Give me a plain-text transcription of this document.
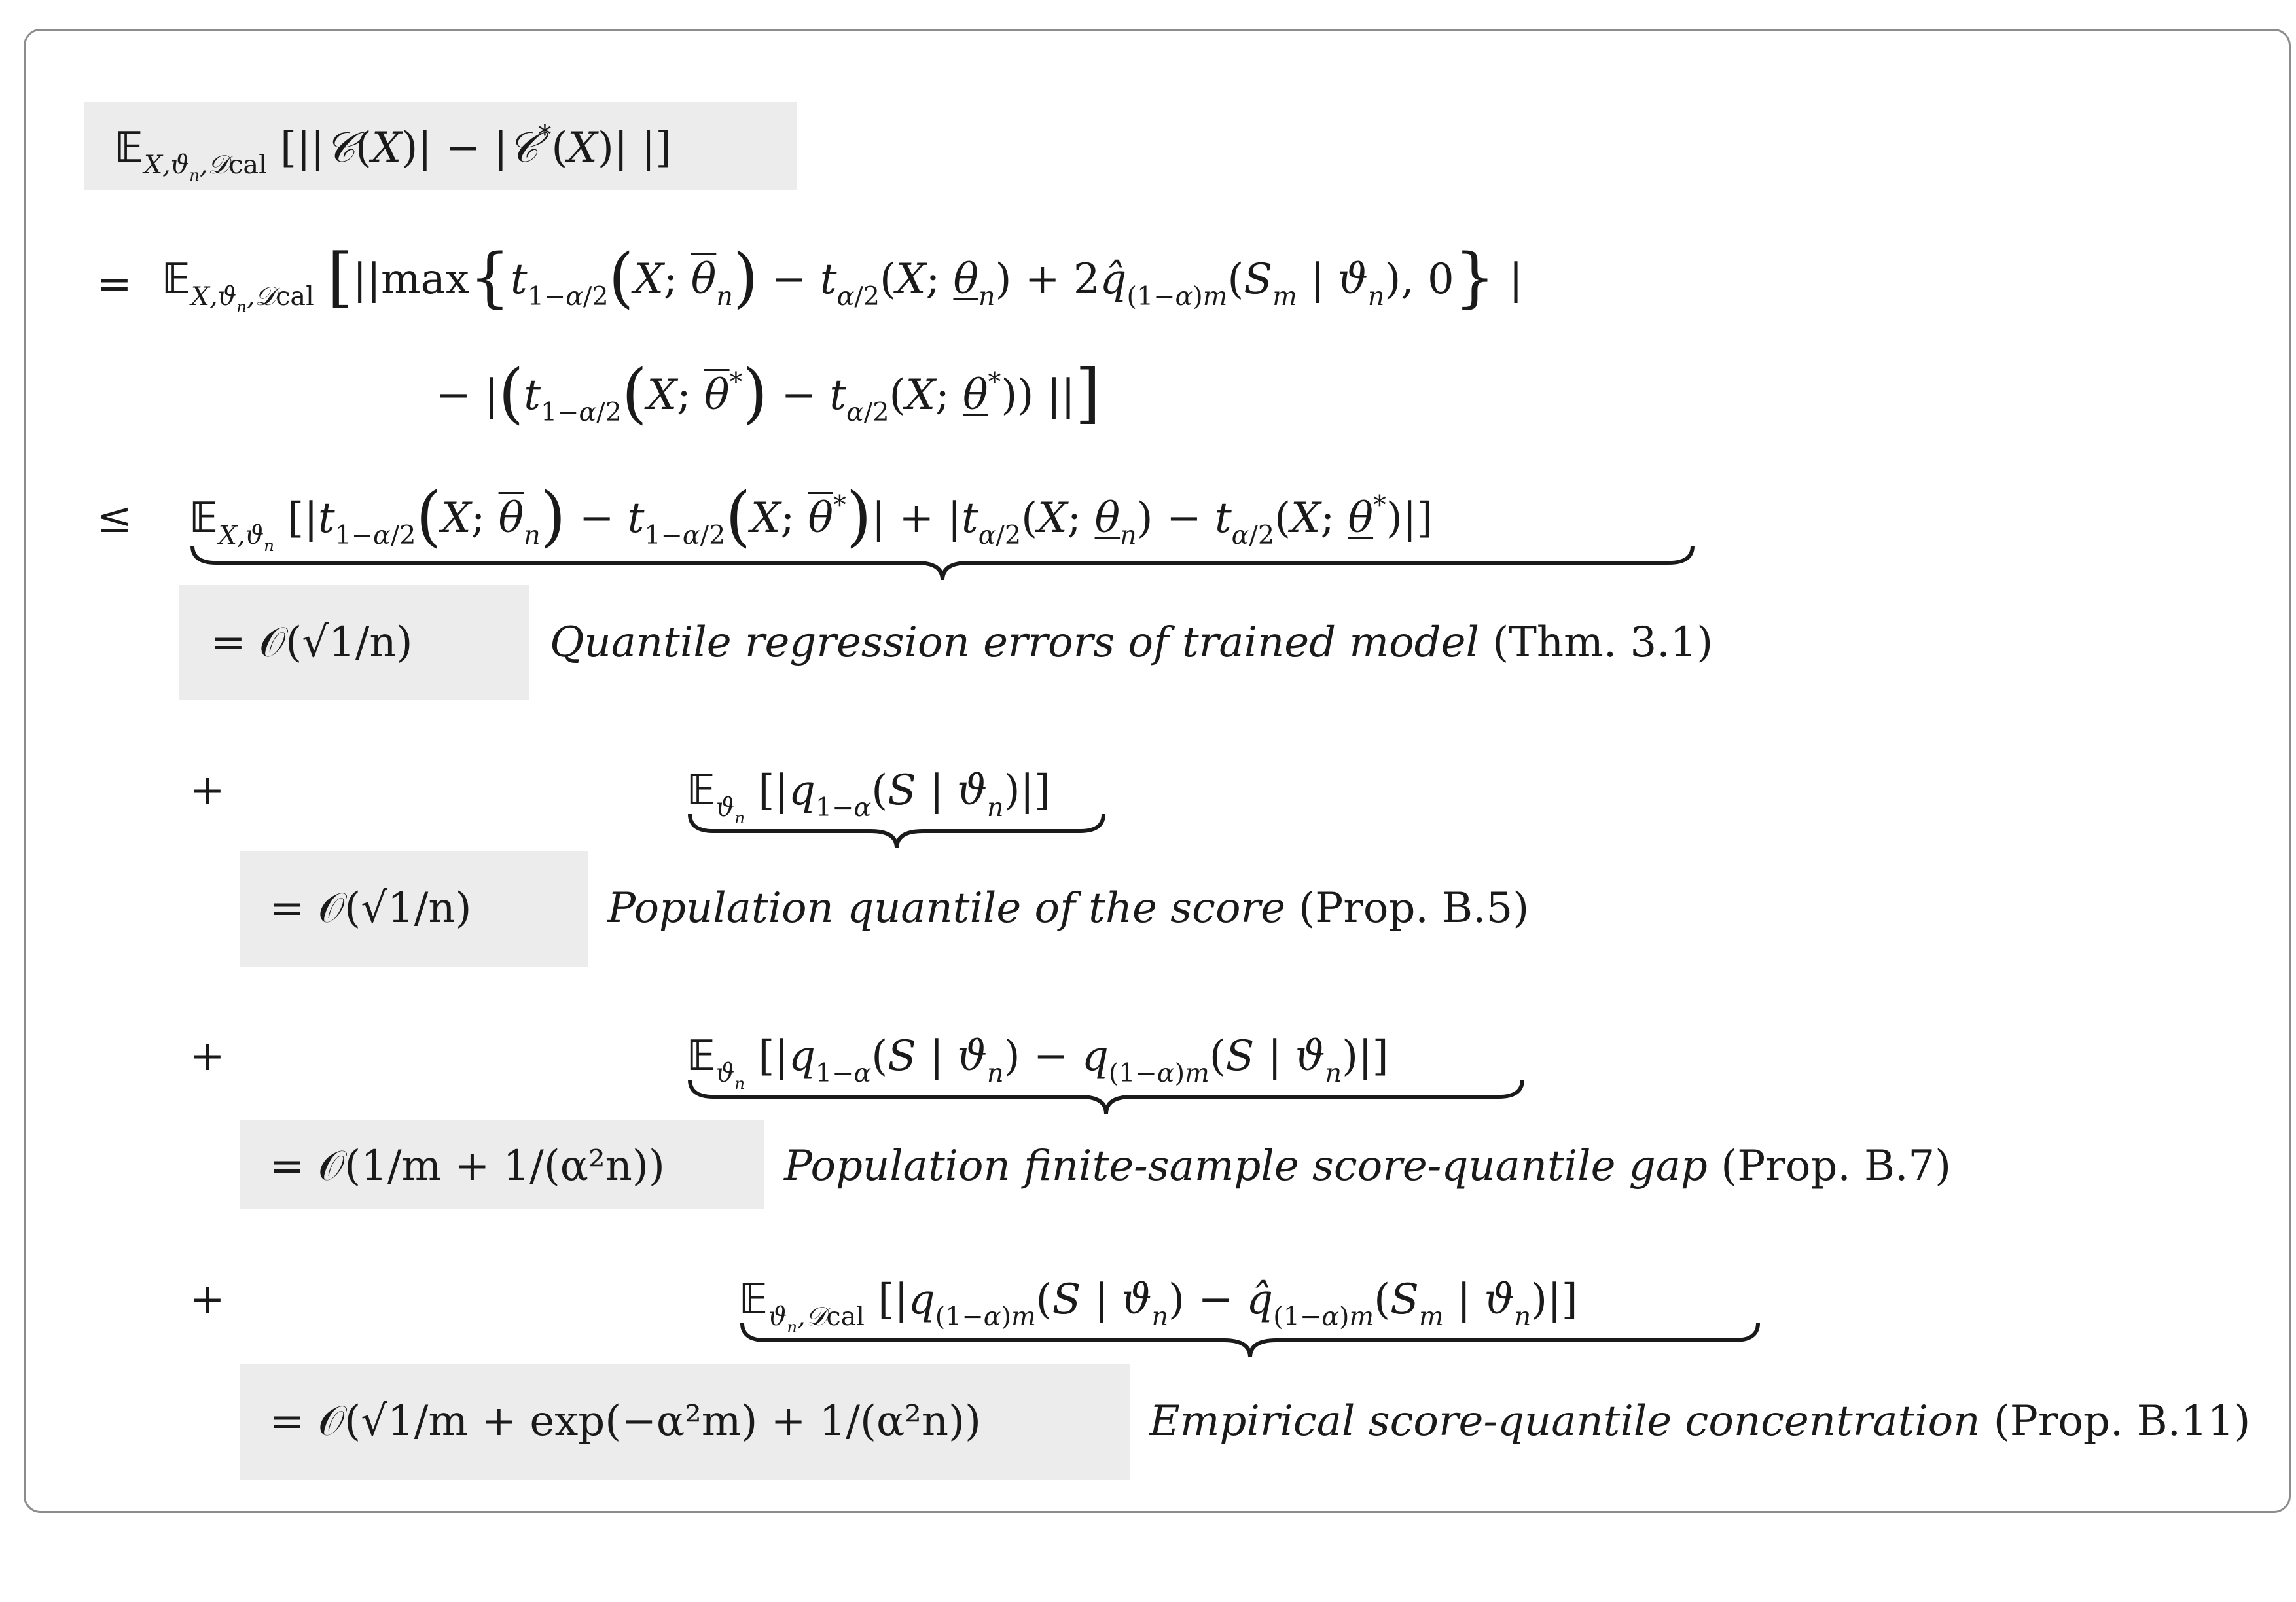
𝔼$_{X,ϑ_n,𝒟cal}$ [||𝒞(X)| − |𝒞*(X)| |]
= 𝔼$_{X,ϑ_n,𝒟cal}$ [$||\max\{t_{1-\alpha/2}(X$; $\overline{\theta}_n) - t_{\alpha/2}(X$; $\theta_n$) + $2q̂_{(1-\alpha)m}(S_m$ | $ϑ_n$), 0} |
− $|(t_{1-\alpha/2}(X$; $\overline{\theta}^*) - t_{\alpha/2}(X$; θ*)) ||]
≤ 𝔼$_{X,ϑ_n}$ [$|t_{1-\alpha/2}(X$; $\overline{\theta}_n) - t_{1-\alpha/2}(X$; $\overline{\theta}^*)| + |t_{\alpha/2}(X$; $\theta_n) - t_{\alpha/2}(X$; θ*)|]
= 𝒪(√1/n)	Quantile regression errors of trained model (Thm. 3.1)
+	𝔼$_{ϑ_n}$ [$|q_{1-\alpha}(S$ | $ϑ_n)|$]
= 𝒪(√1/n)	Population quantile of the score (Prop. B.5)
+	𝔼$_{ϑ_n}$ [$|q_{1-\alpha}(S$ | $ϑ_n) - q_{(1-\alpha)m}(S$ | $ϑ_n)|$]
= 𝒪(1/m + 1/(α²n))	Population finite-sample score-quantile gap (Prop. B.7)
+	𝔼$_{ϑ_n,𝒟cal}$ [$|q_{(1-\alpha)m}(S$ | $ϑ_n$) − $q̂_{(1-\alpha)m}(S_m$ | $ϑ_n)|$]
= 𝒪(√1/m + exp(−α²m) + 1/(α²n))	Empirical score-quantile concentration (Prop. B.11)
